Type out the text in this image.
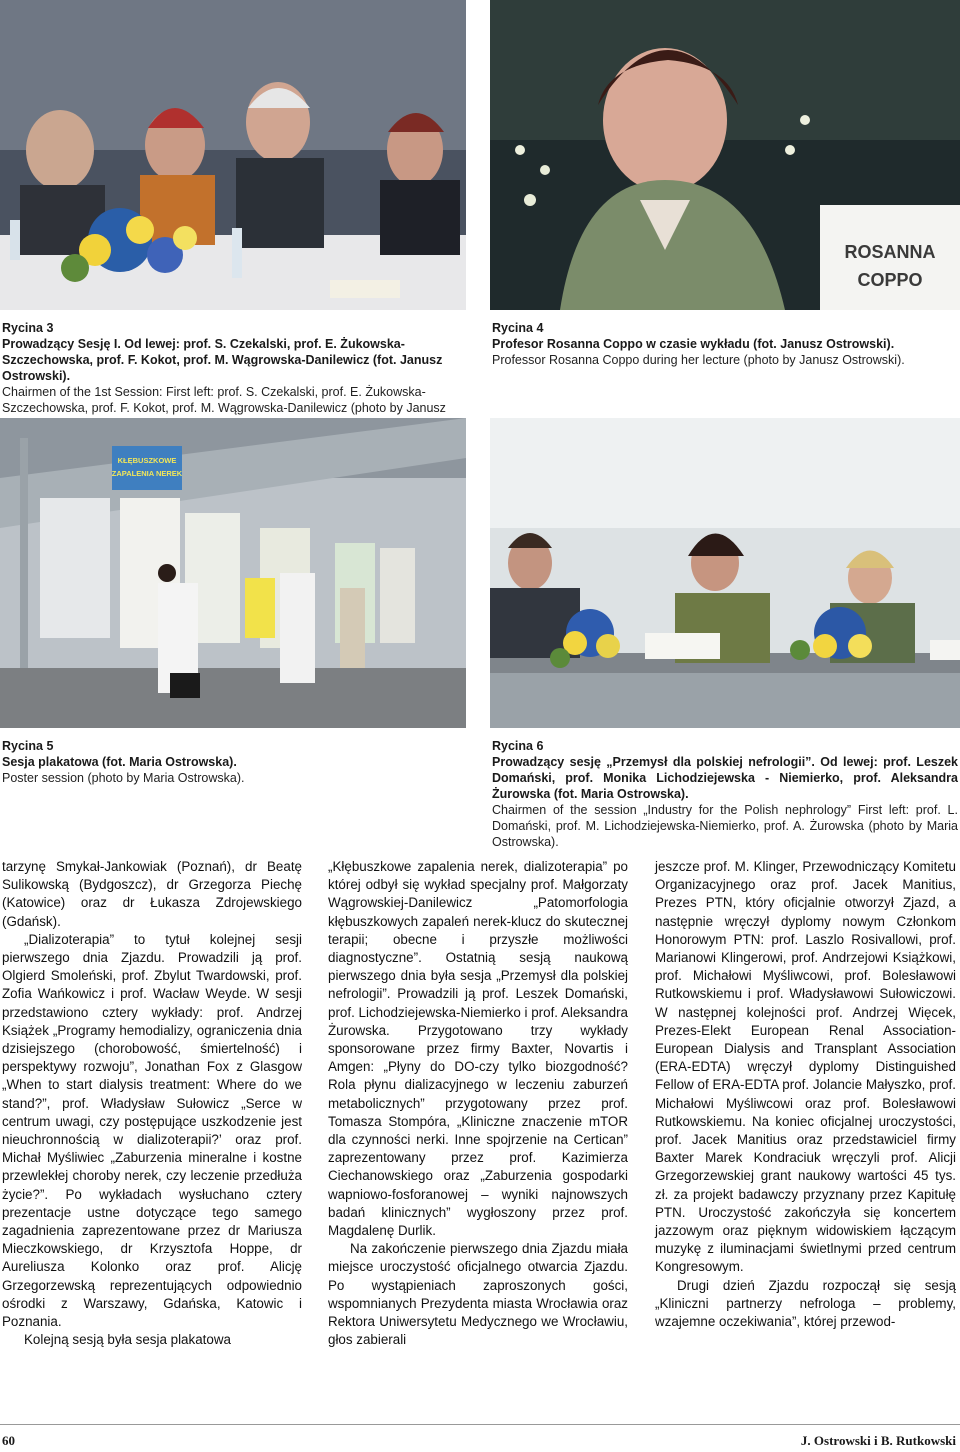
ROSANNA
COPPO
Rycina 3
Prowadzący Sesję I. Od lewej: prof. S. Czekalski, prof. E. Żukowska-Szczechowska, prof. F. Kokot, prof. M. Wągrowska-Danilewicz (fot. Janusz Ostrowski).
Chairmen of the 1st Session: First left: prof. S. Czekalski, prof. E. Żukowska-Szczechowska, prof. F. Kokot, prof. M. Wągrowska-Danilewicz (photo by Janusz
Rycina 4
Profesor Rosanna Coppo w czasie wykładu (fot. Janusz Ostrowski).
Professor Rosanna Coppo during her lecture (photo by Janusz Ostrowski).
KŁĘBUSZKOWE
ZAPALENIA NEREK
Rycina 5
Sesja plakatowa (fot. Maria Ostrowska).
Poster session (photo by Maria Ostrowska).
Rycina 6
Prowadzący sesję „Przemysł dla polskiej nefrologii”. Od lewej: prof. Leszek Domański, prof. Monika Lichodziejewska - Niemierko, prof. Aleksandra Żurowska (fot. Maria Ostrowska).
Chairmen of the session „Industry for the Polish nephrology” First left: prof. L. Domański, prof. M. Lichodziejewska-Niemierko, prof. A. Żurowska (photo by Maria Ostrowska).

tarzynę Smykał-Jankowiak (Poznań), dr Beatę Sulikowską (Bydgoszcz), dr Grzegorza Piechę (Katowice) oraz dr Łukasza Zdrojewskiego (Gdańsk).

„Dializoterapia” to tytuł kolejnej sesji pierwszego dnia Zjazdu. Prowadzili ją prof. Olgierd Smoleński, prof. Zbylut Twardowski, prof. Zofia Wańkowicz i prof. Wacław Weyde. W sesji przedstawiono cztery wykłady: prof. Andrzej Książek „Programy hemodializy, ograniczenia dnia dzisiejszego (chorobowość, śmiertelność) i perspektywy rozwoju”, Jonathan Fox z Glasgow „When to start dialysis treatment: Where do we stand?”, prof. Władysław Sułowicz „Serce w centrum uwagi, czy postępujące uszkodzenie jest nieuchronnością w dializoterapii?’ oraz prof. Michał Myśliwiec „Zaburzenia mineralne i kostne przewlekłej choroby nerek, czy leczenie przedłuża życie?”. Po wykładach wysłuchano cztery prezentacje ustne dotyczące tego samego zagadnienia zaprezentowane przez dr Mariusza Mieczkowskiego, dr Krzysztofa Hoppe, dr Aureliusza Kolonko oraz prof. Alicję Grzegorzewską reprezentujących odpowiednio ośrodki z Warszawy, Gdańska, Katowic i Poznania.

Kolejną sesją była sesja plakatowa

„Kłębuszkowe zapalenia nerek, dializoterapia” po której odbył się wykład specjalny prof. Małgorzaty Wągrowskiej-Danilewicz „Patomorfologia kłębuszkowych zapaleń nerek-klucz do skutecznej terapii; obecne i przyszłe możliwości diagnostyczne”. Ostatnią sesją naukową pierwszego dnia była sesja „Przemysł dla polskiej nefrologii”. Prowadzili ją prof. Leszek Domański, prof. Lichodziejewska-Niemierko i prof. Aleksandra Żurowska. Przygotowano trzy wykłady sponsorowane przez firmy Baxter, Novartis i Amgen: „Płyny do DO-czy tylko biozgodność? Rola płynu dializacyjnego w leczeniu zaburzeń metabolicznych” przygotowany przez prof. Tomasza Stompóra, „Kliniczne znaczenie mTOR dla czynności nerki. Inne spojrzenie na Certican” zaprezentowany przez prof. Kazimierza Ciechanowskiego oraz „Zaburzenia gospodarki wapniowo-fosforanowej – wyniki najnowszych badań klinicznych” wygłoszony przez prof. Magdalenę Durlik.

Na zakończenie pierwszego dnia Zjazdu miała miejsce uroczystość oficjalnego otwarcia Zjazdu. Po wystąpieniach zaproszonych gości, wspomnianych Prezydenta miasta Wrocławia oraz Rektora Uniwersytetu Medycznego we Wrocławiu, głos zabierali

jeszcze prof. M. Klinger, Przewodniczący Komitetu Organizacyjnego oraz prof. Jacek Manitius, Prezes PTN, który oficjalnie otworzył Zjazd, a następnie wręczył dyplomy nowym Członkom Honorowym PTN: prof. Laszlo Rosivallowi, prof. Marianowi Klingerowi, prof. Andrzejowi Książkowi, prof. Michałowi Myśliwcowi, prof. Bolesławowi Rutkowskiemu i prof. Władysławowi Sułowiczowi. W następnej kolejności prof. Andrzej Więcek, Prezes-Elekt European Renal Association-European Dialysis and Transplant Association (ERA-EDTA) wręczył dyplomy Distinguished Fellow of ERA-EDTA prof. Jolancie Małyszko, prof. Michałowi Myśliwcowi oraz prof. Bolesławowi Rutkowskiemu. Na koniec oficjalnej uroczystości, prof. Jacek Manitius oraz przedstawiciel firmy Baxter Marek Kondraciuk wręczyli prof. Alicji Grzegorzewskiej grant naukowy wartości 45 tys. zł. za projekt badawczy przyznany przez Kapitułę PTN. Uroczystość zakończyła się koncertem jazzowym oraz pięknym widowiskiem łączącym muzykę z iluminacjami świetlnymi przed centrum Kongresowym.

Drugi dzień Zjazdu rozpoczął się sesją „Kliniczni partnerzy nefrologa – problemy, wzajemne oczekiwania”, której przewod-

60	J. Ostrowski i B. Rutkowski
